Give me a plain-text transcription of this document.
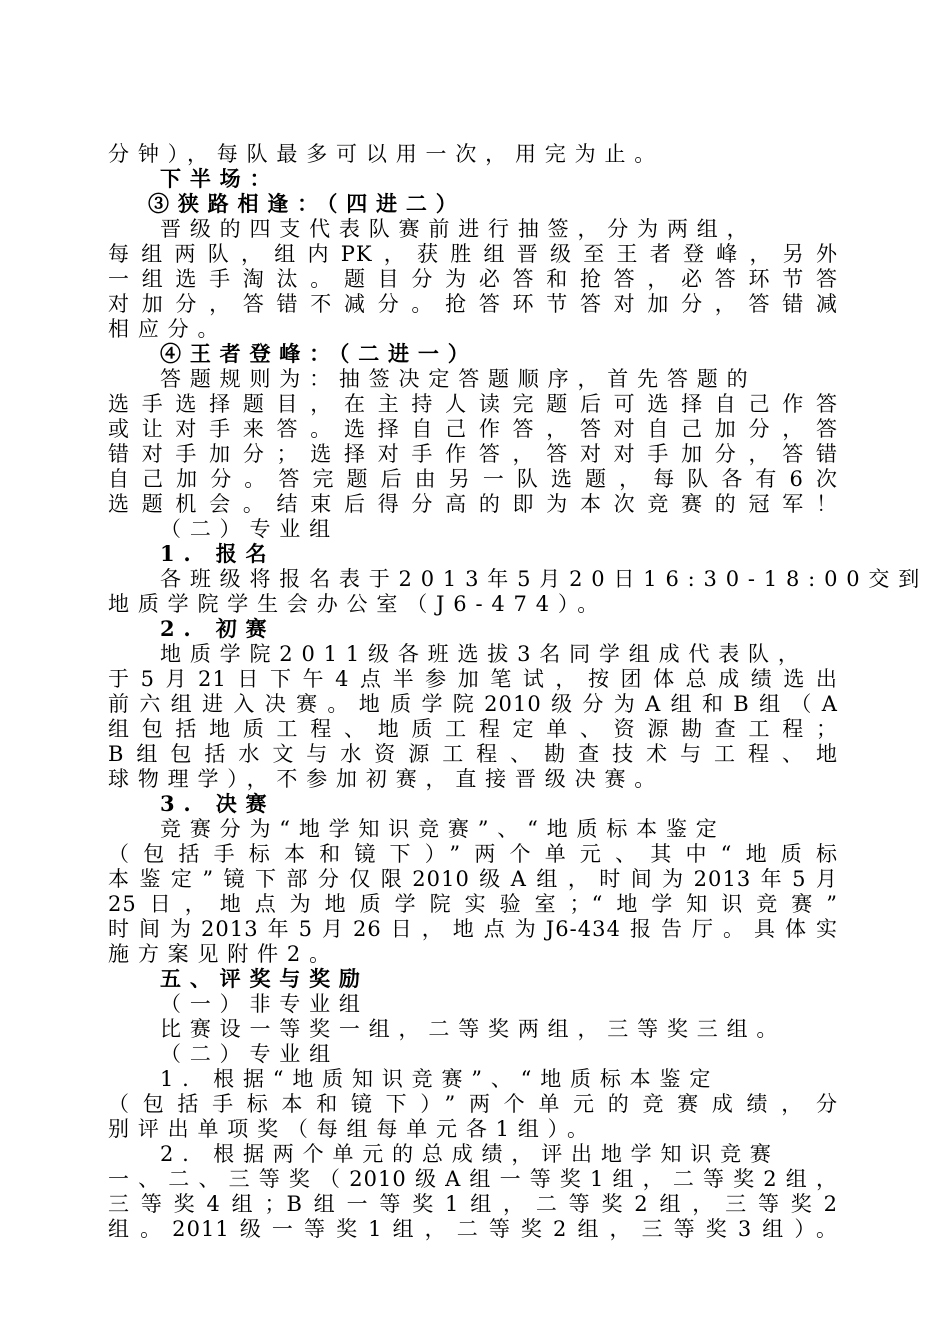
分钟），每队最多可以用一次，用完为止。
下半场：
③狭路相逢：（四进二）
晋级的四支代表队赛前进行抽签，分为两组，
每组两队，组内PK，获胜组晋级至王者登峰，另外
一组选手淘汰。题目分为必答和抢答，必答环节答
对加分，答错不减分。抢答环节答对加分，答错减
相应分。
④王者登峰：（二进一）
答题规则为：抽签决定答题顺序，首先答题的
选手选择题目，在主持人读完题后可选择自己作答
或让对手来答。选择自己作答，答对自己加分，答
错对手加分；选择对手作答，答对对手加分，答错
自己加分。答完题后由另一队选题，每队各有6次
选题机会。结束后得分高的即为本次竞赛的冠军！
（二）专业组
1. 报名
各班级将报名表于2013年5月20日16:30-18:00交到
地质学院学生会办公室（J6-474）。
2. 初赛
地质学院2011级各班选拔3名同学组成代表队，
于5月21日下午4点半参加笔试，按团体总成绩选出
前六组进入决赛。地质学院2010级分为A组和B组（A
组包括地质工程、地质工程定单、资源勘查工程；
B组包括水文与水资源工程、勘查技术与工程、地
球物理学），不参加初赛，直接晋级决赛。
3. 决赛
竞赛分为“地学知识竞赛”、“地质标本鉴定
（包括手标本和镜下）”两个单元、其中“地质标
本鉴定”镜下部分仅限2010级A组，时间为2013年5月
25日，地点为地质学院实验室；“地学知识竞赛”
时间为2013年5月26日，地点为J6-434报告厅。具体实
施方案见附件2。
五、评奖与奖励
（一）非专业组
比赛设一等奖一组，二等奖两组，三等奖三组。
（二）专业组
1. 根据“地质知识竞赛”、“地质标本鉴定
（包括手标本和镜下）”两个单元的竞赛成绩，分
别评出单项奖（每组每单元各1组）。
2. 根据两个单元的总成绩，评出地学知识竞赛
一、二、三等奖（2010级A组一等奖1组，二等奖2组，
三等奖4组；B组一等奖1组，二等奖2组，三等奖2
组。2011级一等奖1组，二等奖2组，三等奖3组）。
